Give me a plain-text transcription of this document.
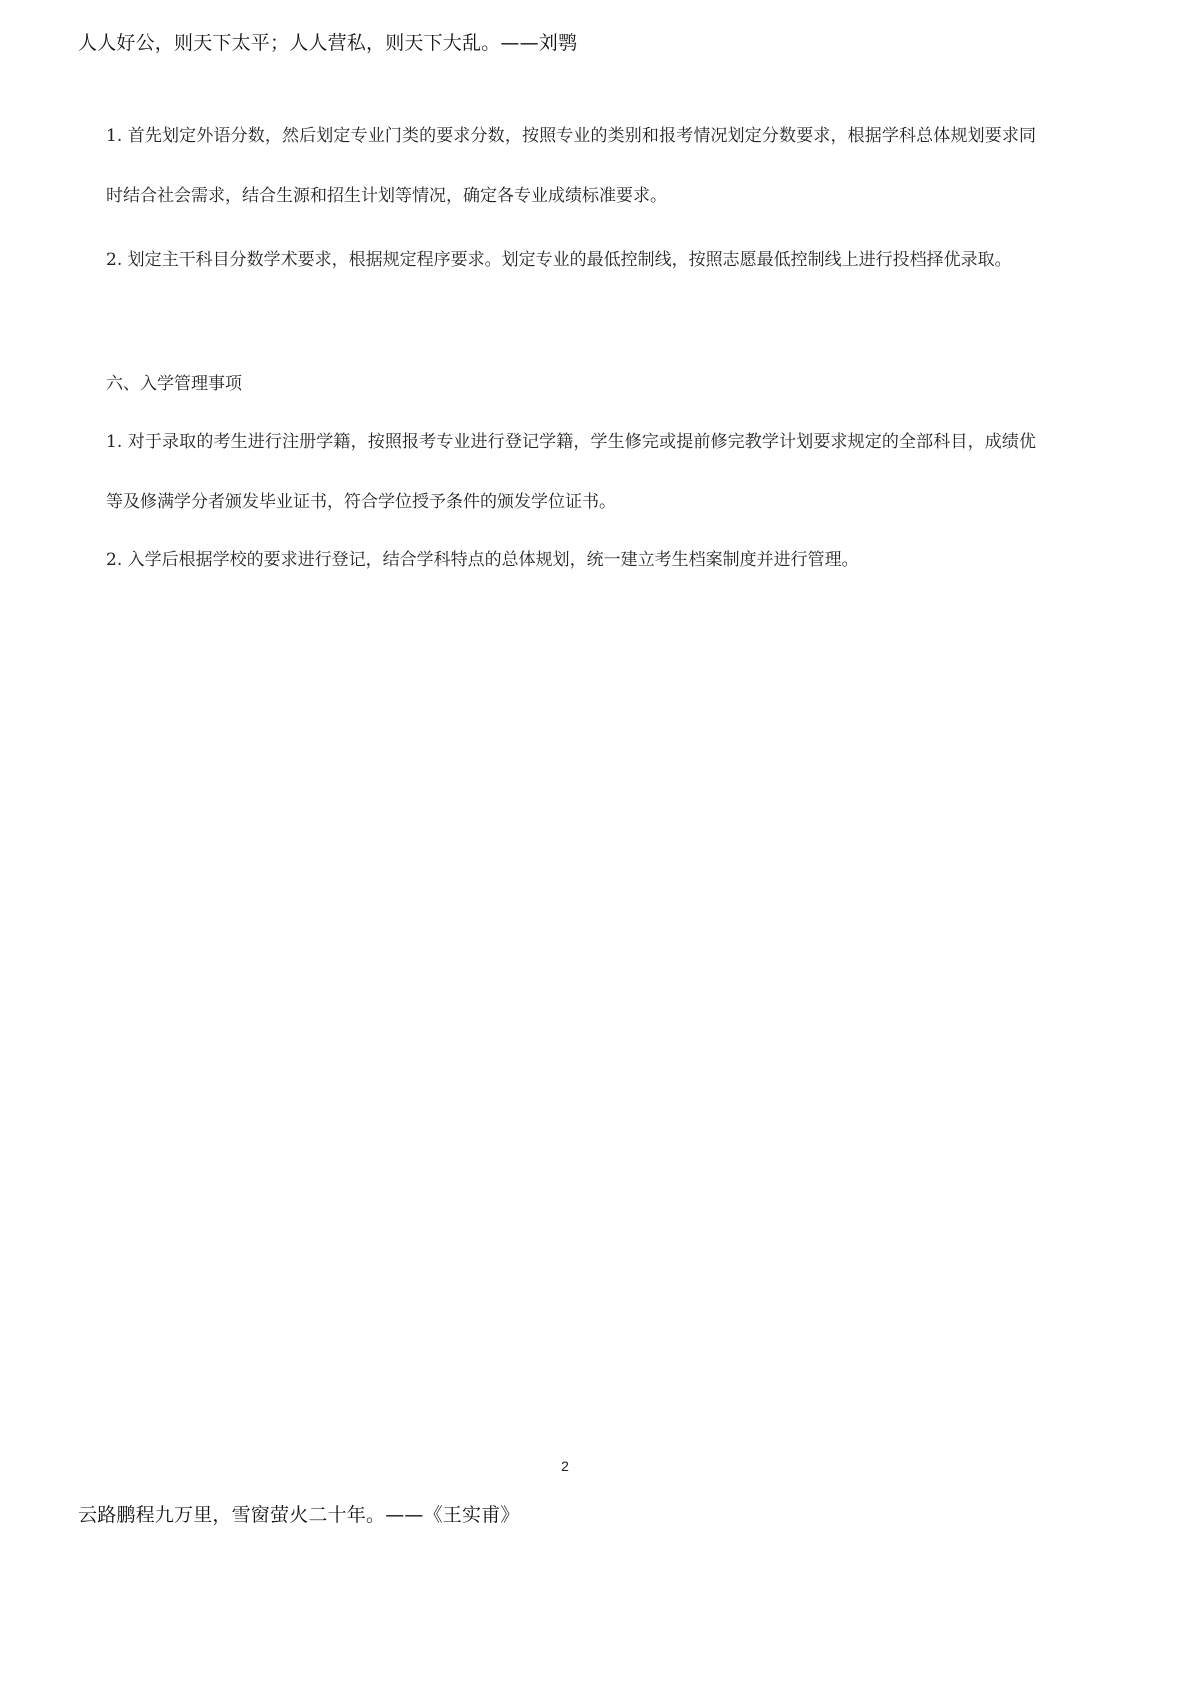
人人好公，则天下太平；人人营私，则天下大乱。——刘鹗

1. 首先划定外语分数，然后划定专业门类的要求分数，按照专业的类别和报考情况划定分数要求，根据学科总体规划要求同时结合社会需求，结合生源和招生计划等情况，确定各专业成绩标准要求。

2. 划定主干科目分数学术要求，根据规定程序要求。划定专业的最低控制线，按照志愿最低控制线上进行投档择优录取。

六、入学管理事项

1. 对于录取的考生进行注册学籍，按照报考专业进行登记学籍，学生修完或提前修完教学计划要求规定的全部科目，成绩优等及修满学分者颁发毕业证书，符合学位授予条件的颁发学位证书。

2. 入学后根据学校的要求进行登记，结合学科特点的总体规划，统一建立考生档案制度并进行管理。

2
云路鹏程九万里，雪窗萤火二十年。——《王实甫》
